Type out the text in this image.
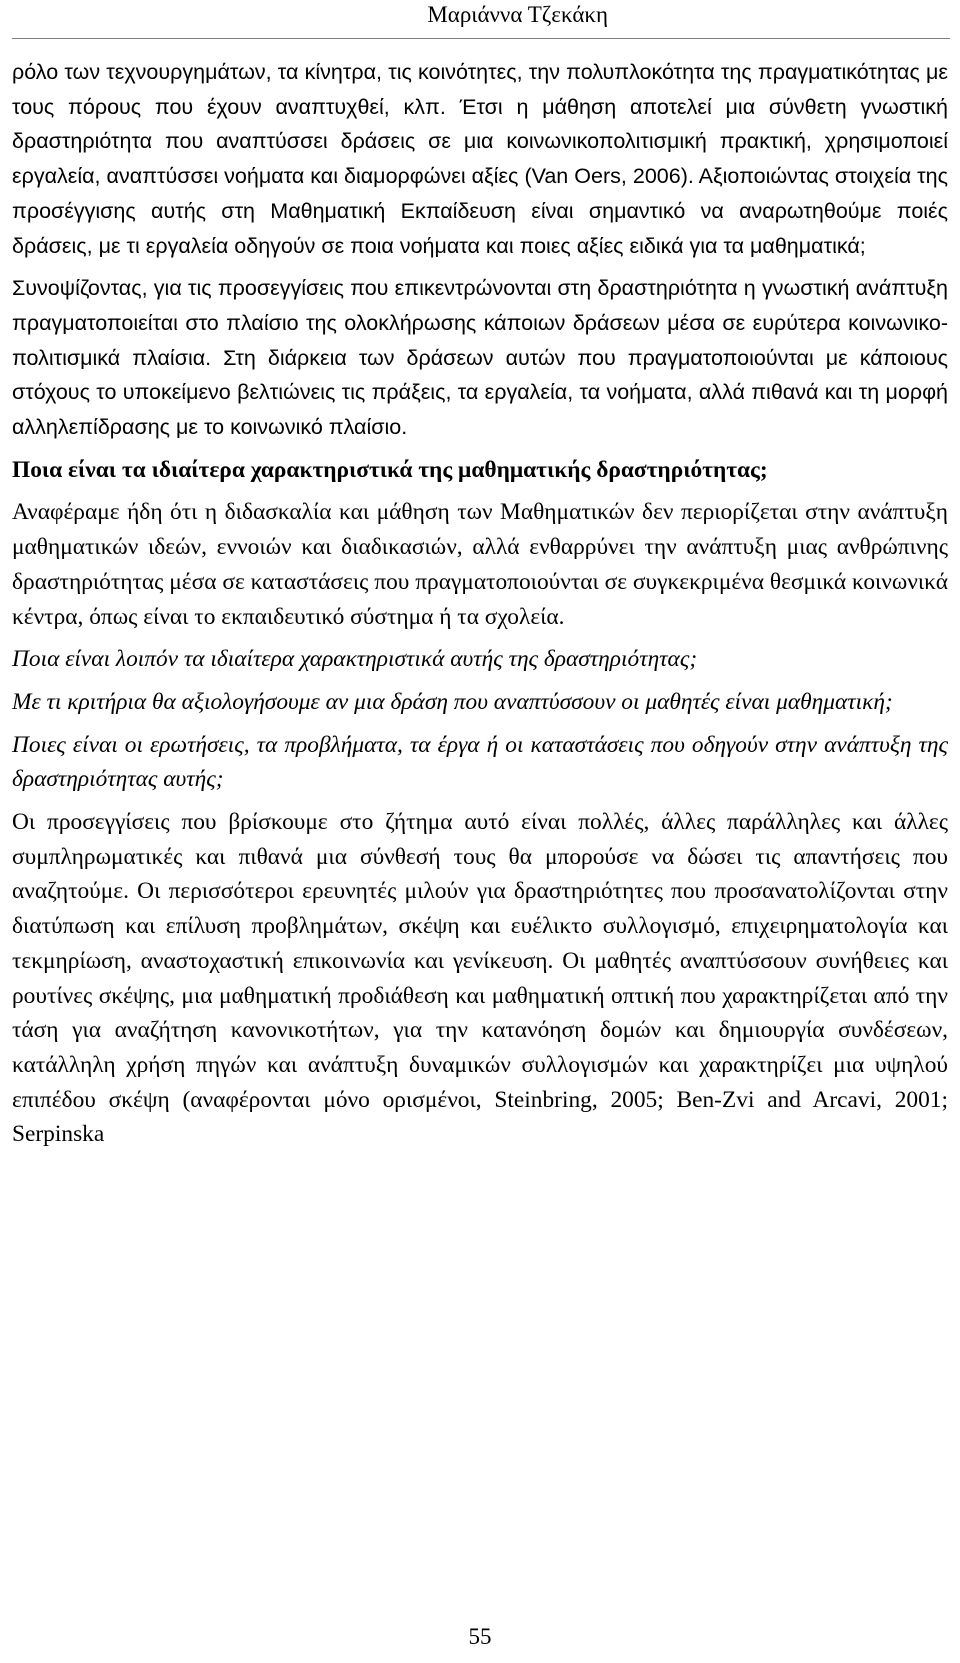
Μαριάννα Τζεκάκη

ρόλο των τεχνουργημάτων, τα κίνητρα, τις κοινότητες, την πολυπλοκότητα της πραγματικότητας με τους πόρους που έχουν αναπτυχθεί, κλπ. Έτσι η μάθηση αποτελεί μια σύνθετη γνωστική δραστηριότητα που αναπτύσσει δράσεις σε μια κοινωνικοπολιτισμική πρακτική, χρησιμοποιεί εργαλεία, αναπτύσσει νοήματα και διαμορφώνει αξίες (Van Oers, 2006). Αξιοποιώντας στοιχεία της προσέγγισης αυτής στη Μαθηματική Εκπαίδευση είναι σημαντικό να αναρωτηθούμε ποιές δράσεις, με τι εργαλεία οδηγούν σε ποια νοήματα και ποιες αξίες ειδικά για τα μαθηματικά;

Συνοψίζοντας, για τις προσεγγίσεις που επικεντρώνονται στη δραστηριότητα η γνωστική ανάπτυξη πραγματοποιείται στο πλαίσιο της ολοκλήρωσης κάποιων δράσεων μέσα σε ευρύτερα κοινωνικο-πολιτισμικά πλαίσια. Στη διάρκεια των δράσεων αυτών που πραγματοποιούνται με κάποιους στόχους το υποκείμενο βελτιώνεις τις πράξεις, τα εργαλεία, τα νοήματα, αλλά πιθανά και τη μορφή αλληλεπίδρασης με το κοινωνικό πλαίσιο.

Ποια είναι τα ιδιαίτερα χαρακτηριστικά της μαθηματικής δραστηριότητας;

Αναφέραμε ήδη ότι η διδασκαλία και μάθηση των Μαθηματικών δεν περιορίζεται στην ανάπτυξη μαθηματικών ιδεών, εννοιών και διαδικασιών, αλλά ενθαρρύνει την ανάπτυξη μιας ανθρώπινης δραστηριότητας μέσα σε καταστάσεις που πραγματοποιούνται σε συγκεκριμένα θεσμικά κοινωνικά κέντρα, όπως είναι το εκπαιδευτικό σύστημα ή τα σχολεία.

Ποια είναι λοιπόν τα ιδιαίτερα χαρακτηριστικά αυτής της δραστηριότητας;

Με τι κριτήρια θα αξιολογήσουμε αν μια δράση που αναπτύσσουν οι μαθητές είναι μαθηματική;

Ποιες είναι οι ερωτήσεις, τα προβλήματα, τα έργα ή οι καταστάσεις που οδηγούν στην ανάπτυξη της δραστηριότητας αυτής;

Οι προσεγγίσεις που βρίσκουμε στο ζήτημα αυτό είναι πολλές, άλλες παράλληλες και άλλες συμπληρωματικές και πιθανά μια σύνθεσή τους θα μπορούσε να δώσει τις απαντήσεις που αναζητούμε. Οι περισσότεροι ερευνητές μιλούν για δραστηριότητες που προσανατολίζονται στην διατύπωση και επίλυση προβλημάτων, σκέψη και ευέλικτο συλλογισμό, επιχειρηματολογία και τεκμηρίωση, αναστοχαστική επικοινωνία και γενίκευση. Οι μαθητές αναπτύσσουν συνήθειες και ρουτίνες σκέψης, μια μαθηματική προδιάθεση και μαθηματική οπτική που χαρακτηρίζεται από την τάση για αναζήτηση κανονικοτήτων, για την κατανόηση δομών και δημιουργία συνδέσεων, κατάλληλη χρήση πηγών και ανάπτυξη δυναμικών συλλογισμών και χαρακτηρίζει μια υψηλού επιπέδου σκέψη (αναφέρονται μόνο ορισμένοι, Steinbring, 2005; Ben-Zvi and Arcavi, 2001; Serpinska

55
